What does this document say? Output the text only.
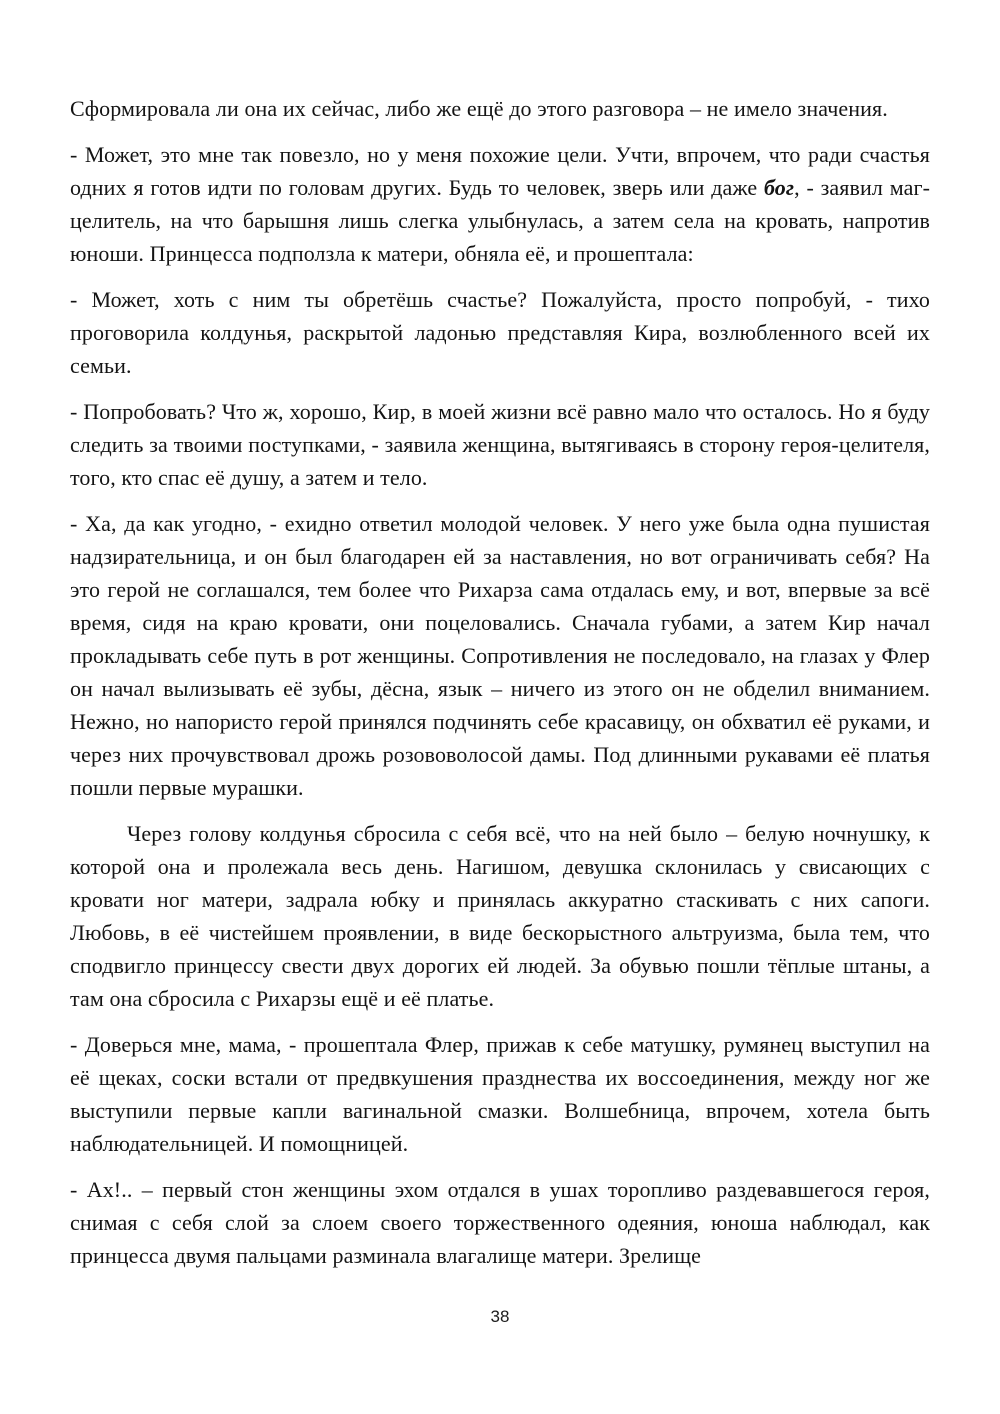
Сформировала ли она их сейчас, либо же ещё до этого разговора – не имело значения.

- Может, это мне так повезло, но у меня похожие цели. Учти, впрочем, что ради счастья одних я готов идти по головам других. Будь то человек, зверь или даже бог, - заявил маг-целитель, на что барышня лишь слегка улыбнулась, а затем села на кровать, напротив юноши. Принцесса подползла к матери, обняла её, и прошептала:

- Может, хоть с ним ты обретёшь счастье? Пожалуйста, просто попробуй, - тихо проговорила колдунья, раскрытой ладонью представляя Кира, возлюбленного всей их семьи.

- Попробовать? Что ж, хорошо, Кир, в моей жизни всё равно мало что осталось. Но я буду следить за твоими поступками, - заявила женщина, вытягиваясь в сторону героя-целителя, того, кто спас её душу, а затем и тело.

- Ха, да как угодно, - ехидно ответил молодой человек. У него уже была одна пушистая надзирательница, и он был благодарен ей за наставления, но вот ограничивать себя? На это герой не соглашался, тем более что Рихарза сама отдалась ему, и вот, впервые за всё время, сидя на краю кровати, они поцеловались. Сначала губами, а затем Кир начал прокладывать себе путь в рот женщины. Сопротивления не последовало, на глазах у Флер он начал вылизывать её зубы, дёсна, язык – ничего из этого он не обделил вниманием. Нежно, но напористо герой принялся подчинять себе красавицу, он обхватил её руками, и через них прочувствовал дрожь розововолосой дамы. Под длинными рукавами её платья пошли первые мурашки.

Через голову колдунья сбросила с себя всё, что на ней было – белую ночнушку, к которой она и пролежала весь день. Нагишом, девушка склонилась у свисающих с кровати ног матери, задрала юбку и принялась аккуратно стаскивать с них сапоги. Любовь, в её чистейшем проявлении, в виде бескорыстного альтруизма, была тем, что сподвигло принцессу свести двух дорогих ей людей. За обувью пошли тёплые штаны, а там она сбросила с Рихарзы ещё и её платье.

- Доверься мне, мама, - прошептала Флер, прижав к себе матушку, румянец выступил на её щеках, соски встали от предвкушения празднества их воссоединения, между ног же выступили первые капли вагинальной смазки. Волшебница, впрочем, хотела быть наблюдательницей. И помощницей.

- Ах!.. – первый стон женщины эхом отдался в ушах торопливо раздевавшегося героя, снимая с себя слой за слоем своего торжественного одеяния, юноша наблюдал, как принцесса двумя пальцами разминала влагалище матери. Зрелище

38
